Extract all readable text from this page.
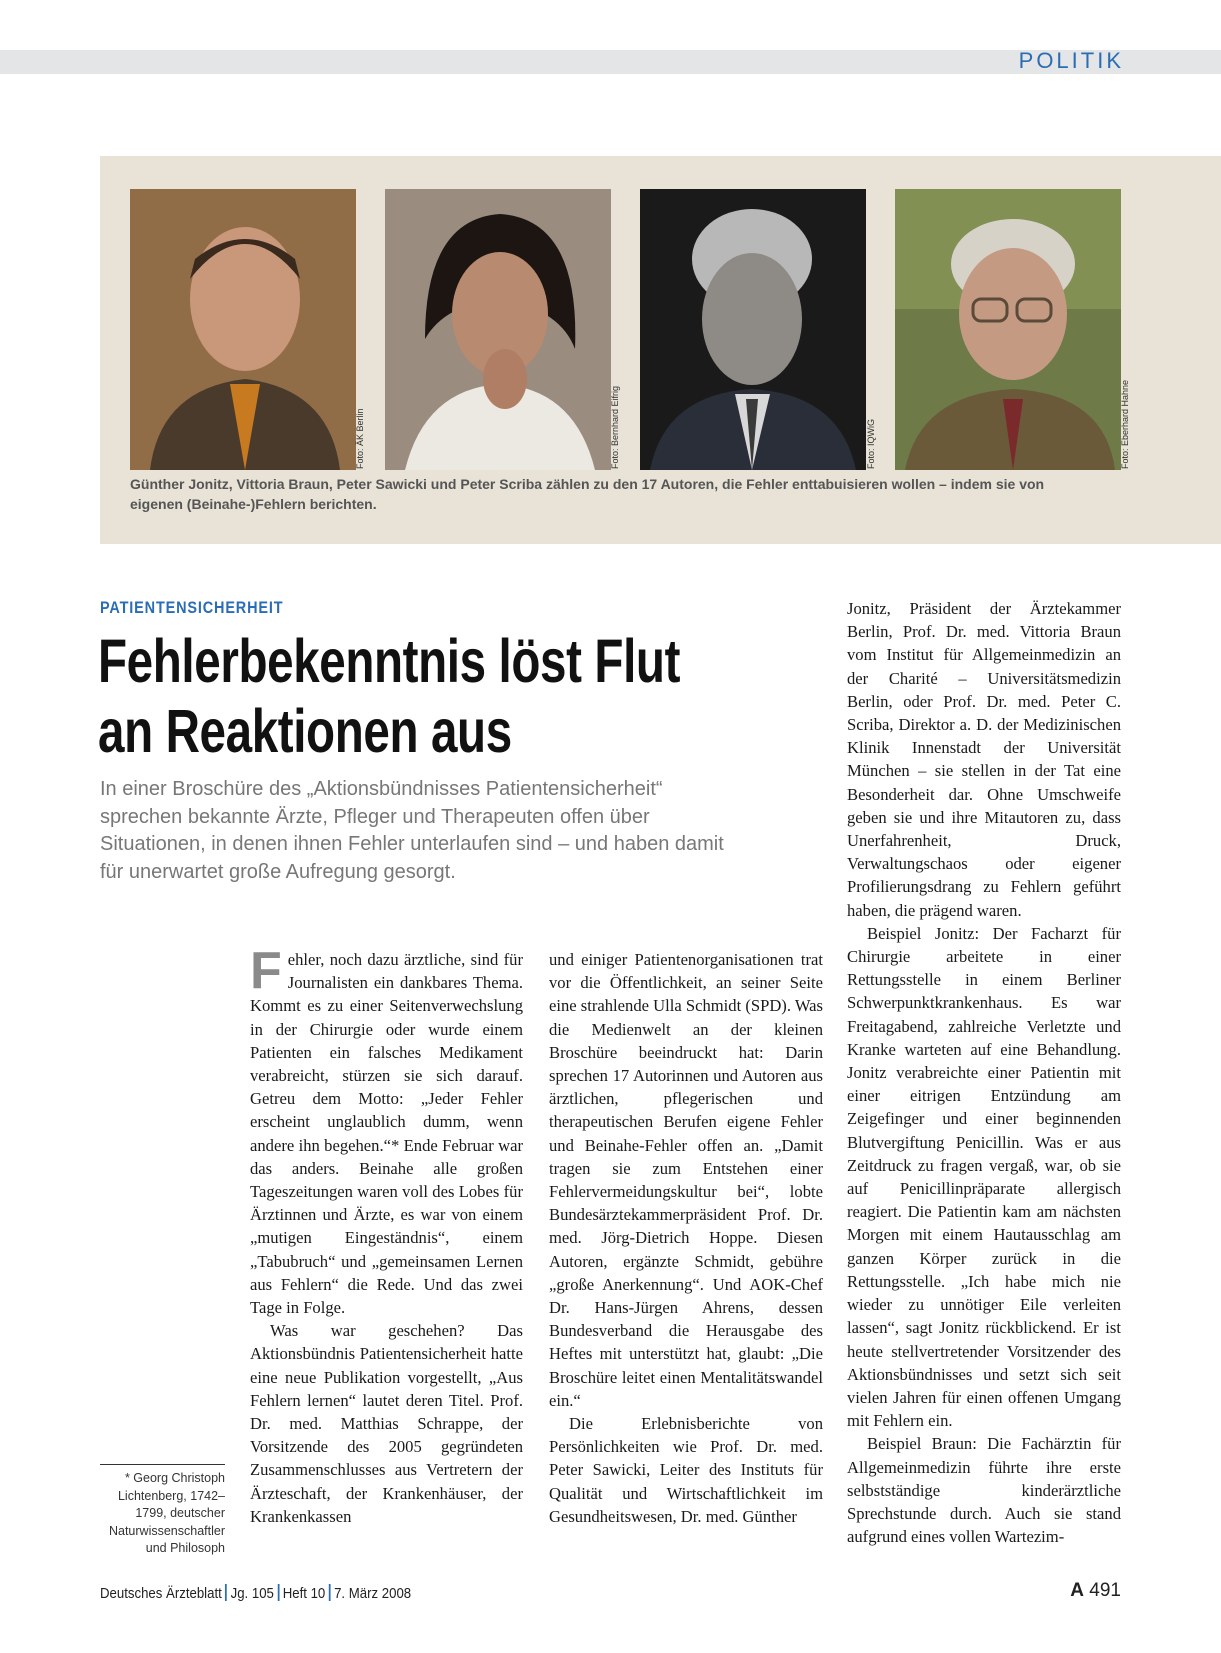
POLITIK
Foto: ÄK Berlin	Foto: Bernhard Eifrig	Foto: IQWiG	Foto: Eberhard Hahne
Günther Jonitz, Vittoria Braun, Peter Sawicki und Peter Scriba zählen zu den 17 Autoren, die Fehler enttabuisieren wollen – indem sie von eigenen (Beinahe-)Fehlern berichten.
PATIENTENSICHERHEIT
Fehlerbekenntnis löst Flut
an Reaktionen aus
In einer Broschüre des „Aktionsbündnisses Patientensicherheit“ sprechen bekannte Ärzte, Pfleger und Therapeuten offen über Situationen, in denen ihnen Fehler unterlaufen sind – und haben damit für unerwartet große Aufregung gesorgt.

Fehler, noch dazu ärztliche, sind für Journalisten ein dankbares Thema. Kommt es zu einer Seitenverwechslung in der Chirurgie oder wurde einem Patienten ein falsches Medikament verabreicht, stürzen sie sich darauf. Getreu dem Motto: „Jeder Fehler erscheint unglaublich dumm, wenn andere ihn begehen.“* Ende Februar war das anders. Beinahe alle großen Tageszeitungen waren voll des Lobes für Ärztinnen und Ärzte, es war von einem „mutigen Eingeständnis“, einem „Tabubruch“ und „gemeinsamen Lernen aus Fehlern“ die Rede. Und das zwei Tage in Folge.

Was war geschehen? Das Aktionsbündnis Patientensicherheit hatte eine neue Publikation vorgestellt, „Aus Fehlern lernen“ lautet deren Titel. Prof. Dr. med. Matthias Schrappe, der Vorsitzende des 2005 gegründeten Zusammenschlusses aus Vertretern der Ärzteschaft, der Krankenhäuser, der Krankenkassen

und einiger Patientenorganisationen trat vor die Öffentlichkeit, an seiner Seite eine strahlende Ulla Schmidt (SPD). Was die Medienwelt an der kleinen Broschüre beeindruckt hat: Darin sprechen 17 Autorinnen und Autoren aus ärztlichen, pflegerischen und therapeutischen Berufen eigene Fehler und Beinahe-Fehler offen an. „Damit tragen sie zum Entstehen einer Fehlervermeidungskultur bei“, lobte Bundesärztekammerpräsident Prof. Dr. med. Jörg-Dietrich Hoppe. Diesen Autoren, ergänzte Schmidt, gebühre „große Anerkennung“. Und AOK-Chef Dr. Hans-Jürgen Ahrens, dessen Bundesverband die Herausgabe des Heftes mit unterstützt hat, glaubt: „Die Broschüre leitet einen Mentalitätswandel ein.“

Die Erlebnisberichte von Persönlichkeiten wie Prof. Dr. med. Peter Sawicki, Leiter des Instituts für Qualität und Wirtschaftlichkeit im Gesundheitswesen, Dr. med. Günther

Jonitz, Präsident der Ärztekammer Berlin, Prof. Dr. med. Vittoria Braun vom Institut für Allgemeinmedizin an der Charité – Universitätsmedizin Berlin, oder Prof. Dr. med. Peter C. Scriba, Direktor a. D. der Medizinischen Klinik Innenstadt der Universität München – sie stellen in der Tat eine Besonderheit dar. Ohne Umschweife geben sie und ihre Mitautoren zu, dass Unerfahrenheit, Druck, Verwaltungschaos oder eigener Profilierungsdrang zu Fehlern geführt haben, die prägend waren.

Beispiel Jonitz: Der Facharzt für Chirurgie arbeitete in einer Rettungsstelle in einem Berliner Schwerpunktkrankenhaus. Es war Freitagabend, zahlreiche Verletzte und Kranke warteten auf eine Behandlung. Jonitz verabreichte einer Patientin mit einer eitrigen Entzündung am Zeigefinger und einer beginnenden Blutvergiftung Penicillin. Was er aus Zeitdruck zu fragen vergaß, war, ob sie auf Penicillinpräparate allergisch reagiert. Die Patientin kam am nächsten Morgen mit einem Hautausschlag am ganzen Körper zurück in die Rettungsstelle. „Ich habe mich nie wieder zu unnötiger Eile verleiten lassen“, sagt Jonitz rückblickend. Er ist heute stellvertretender Vorsitzender des Aktionsbündnisses und setzt sich seit vielen Jahren für einen offenen Umgang mit Fehlern ein.

Beispiel Braun: Die Fachärztin für Allgemeinmedizin führte ihre erste selbstständige kinderärztliche Sprechstunde durch. Auch sie stand aufgrund eines vollen Wartezim-

* Georg Christoph Lichtenberg, 1742–1799, deutscher Naturwissenschaftler und Philosoph
Deutsches Ärzteblatt Jg. 105 Heft 10 7. März 2008	A 491
